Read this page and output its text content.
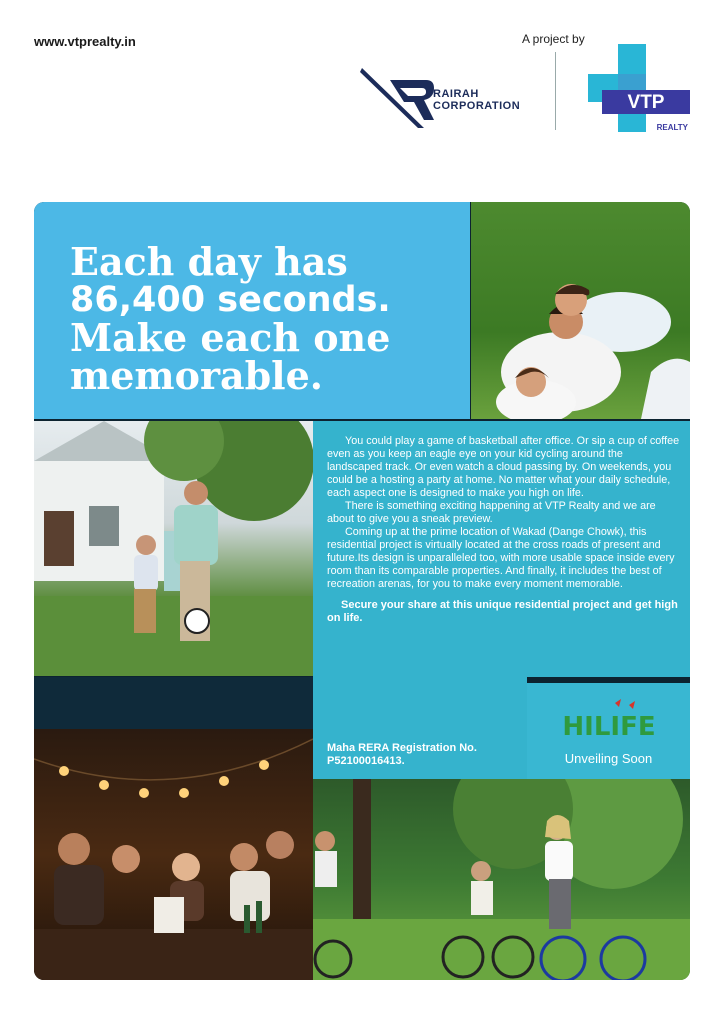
www.vtprealty.in	A project by
RAIRAH
CORPORATION	VTP
REALTY
Each day has
86,400 seconds.
Make each one
memorable.

You could play a game of basketball after office. Or sip a cup of coffee even as you keep an eagle eye on your kid cycling around the landscaped track. Or even watch a cloud passing by. On weekends, you could be a hosting a party at home. No matter what your daily schedule, each aspect one is designed to make you high on life.

There is something exciting happening at VTP Realty and we are about to give you a sneak preview.

Coming up at the prime location of Wakad (Dange Chowk), this residential project is virtually located at the cross roads of present and future.Its design is unparalleled too, with more usable space inside every room than its comparable properties. And finally, it includes the best of recreation arenas, for you to make every moment memorable.

Secure your share at this unique residential project and get high on life.

Maha RERA Registration No.
P52100016413.
HILIFE
Unveiling Soon
